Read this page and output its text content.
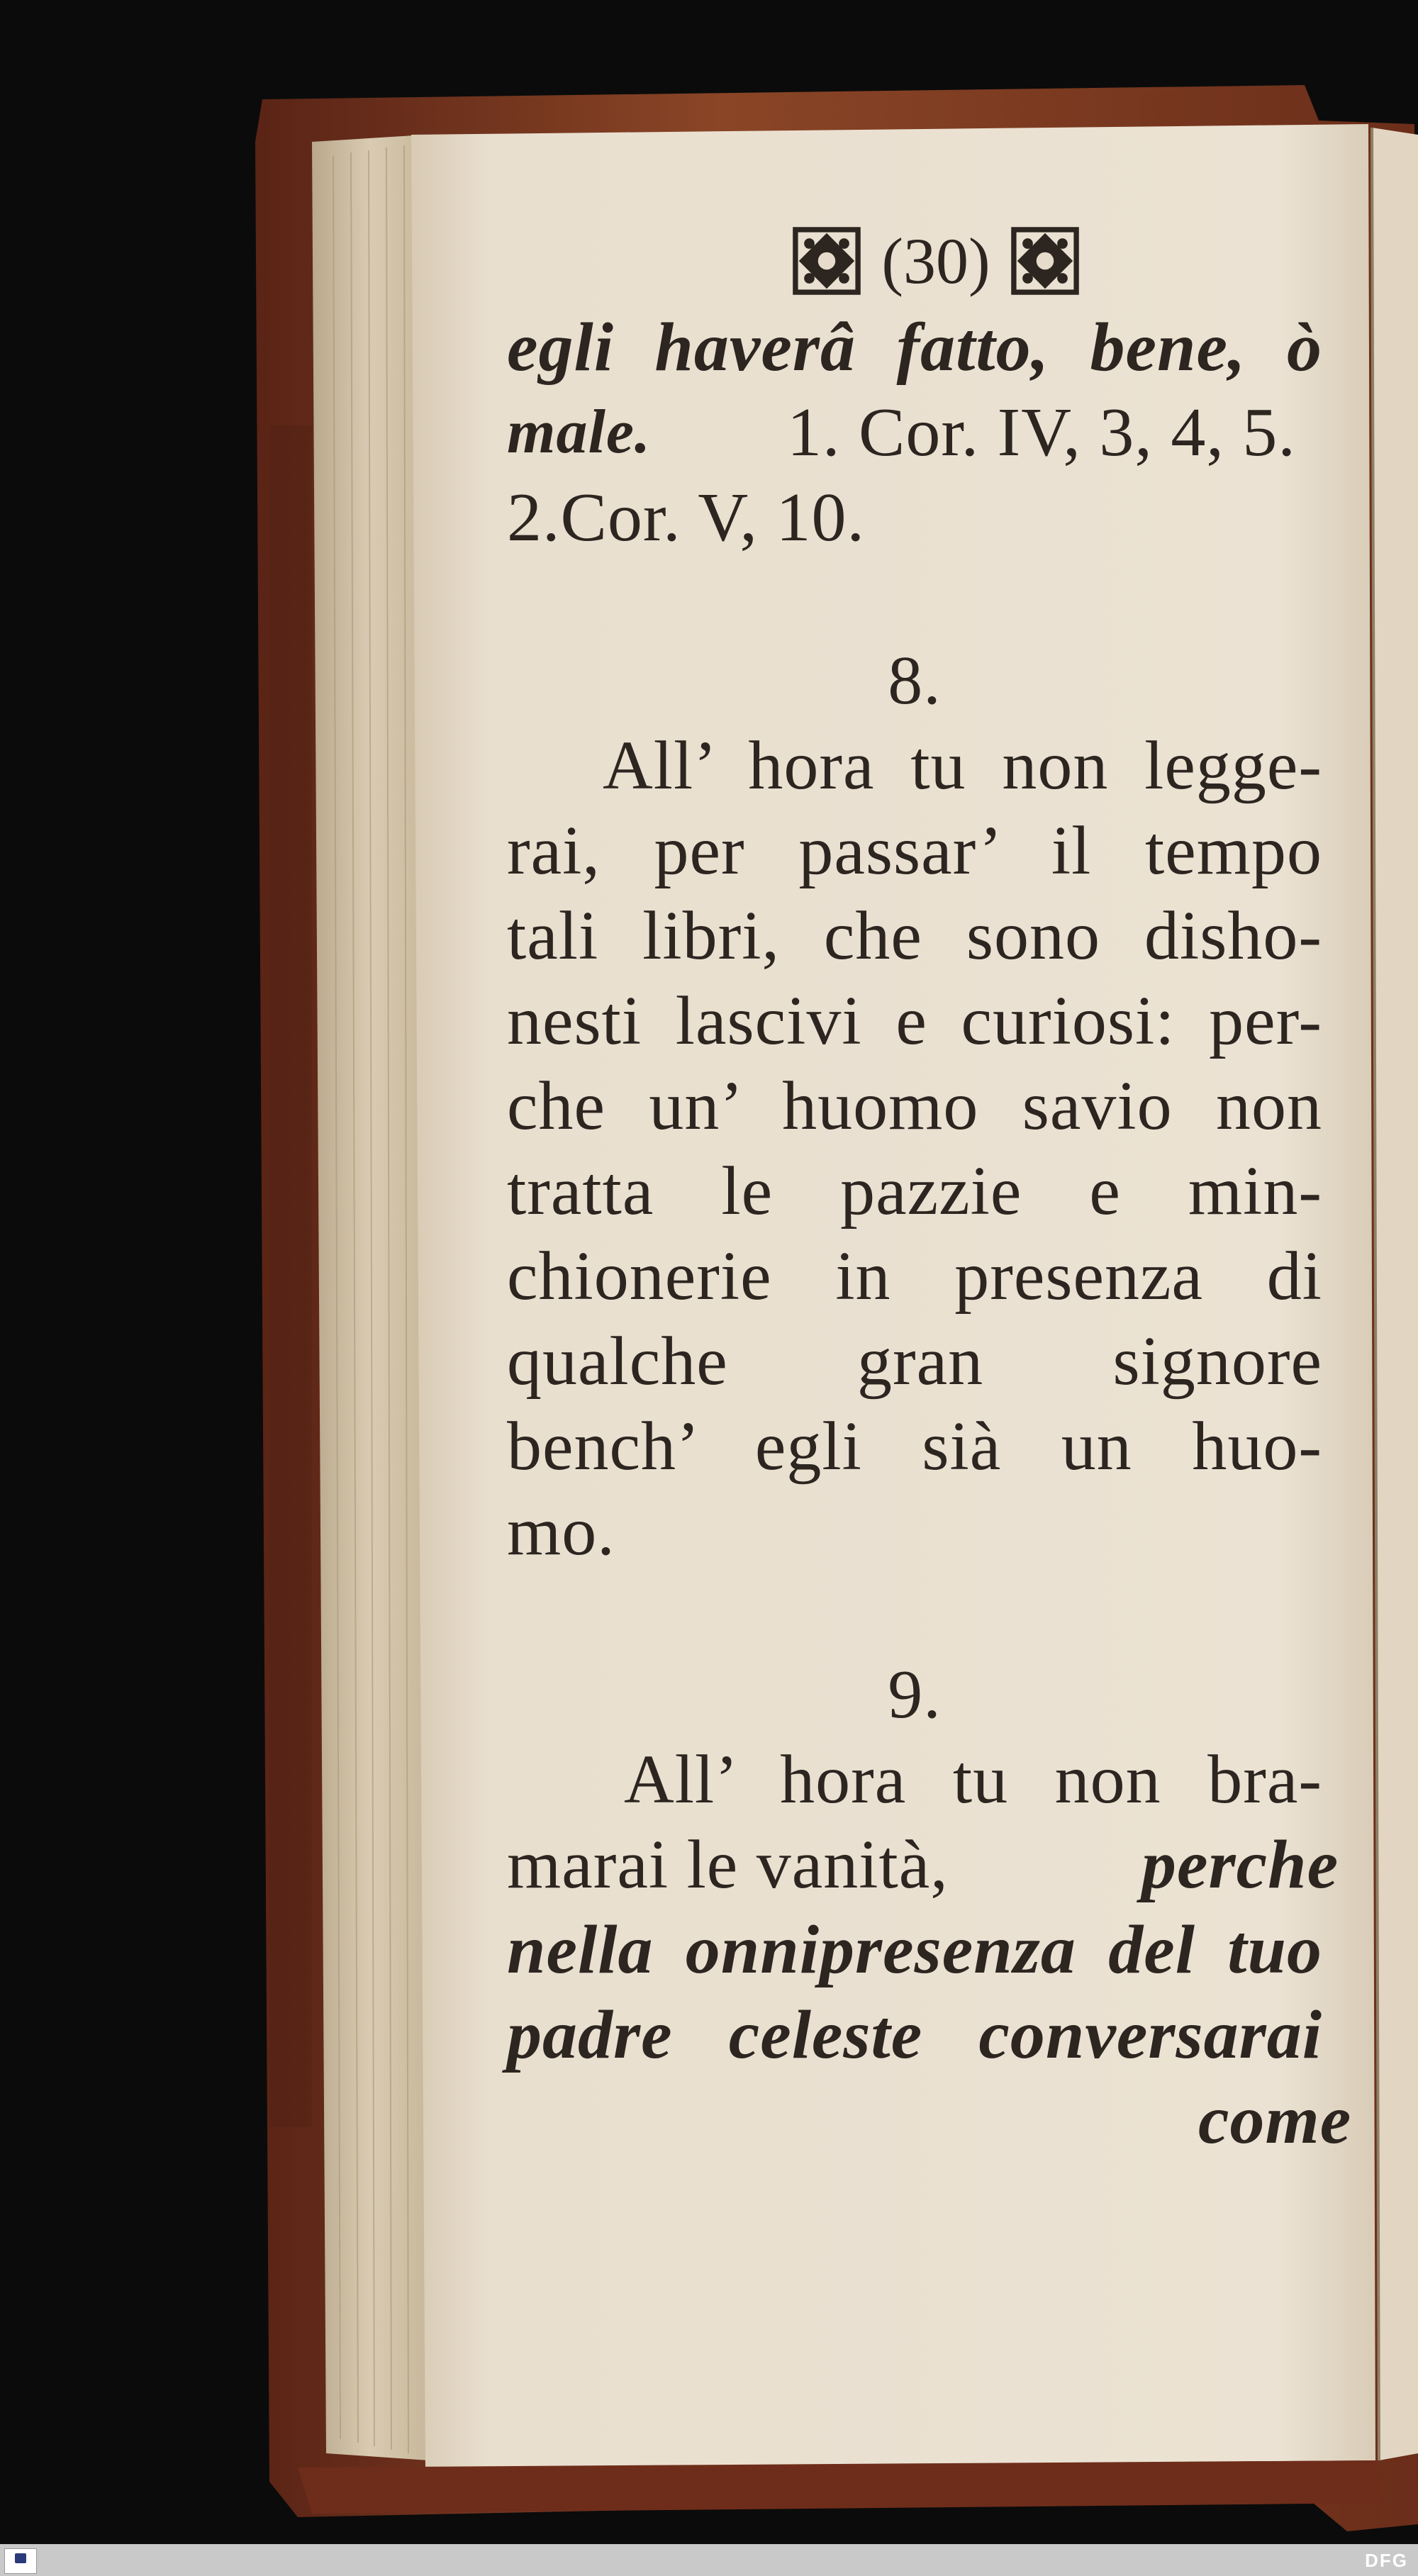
(30)
egli haverâ fatto, bene, ò
male. 1. Cor. IV, 3, 4, 5.
2.Cor. V, 10.
8.
All’ hora tu non legge-
rai, per passar’ il tempo
tali libri, che sono disho-
nesti lascivi e curiosi: per-
che un’ huomo savio non
tratta le pazzie e min-
chionerie in presenza di
qualche gran signore
bench’ egli sià un huo-
mo.
9.
All’ hora tu non bra-
marai le vanità,	perche
nella onnipresenza del tuo
padre celeste conversarai
come
DFG
